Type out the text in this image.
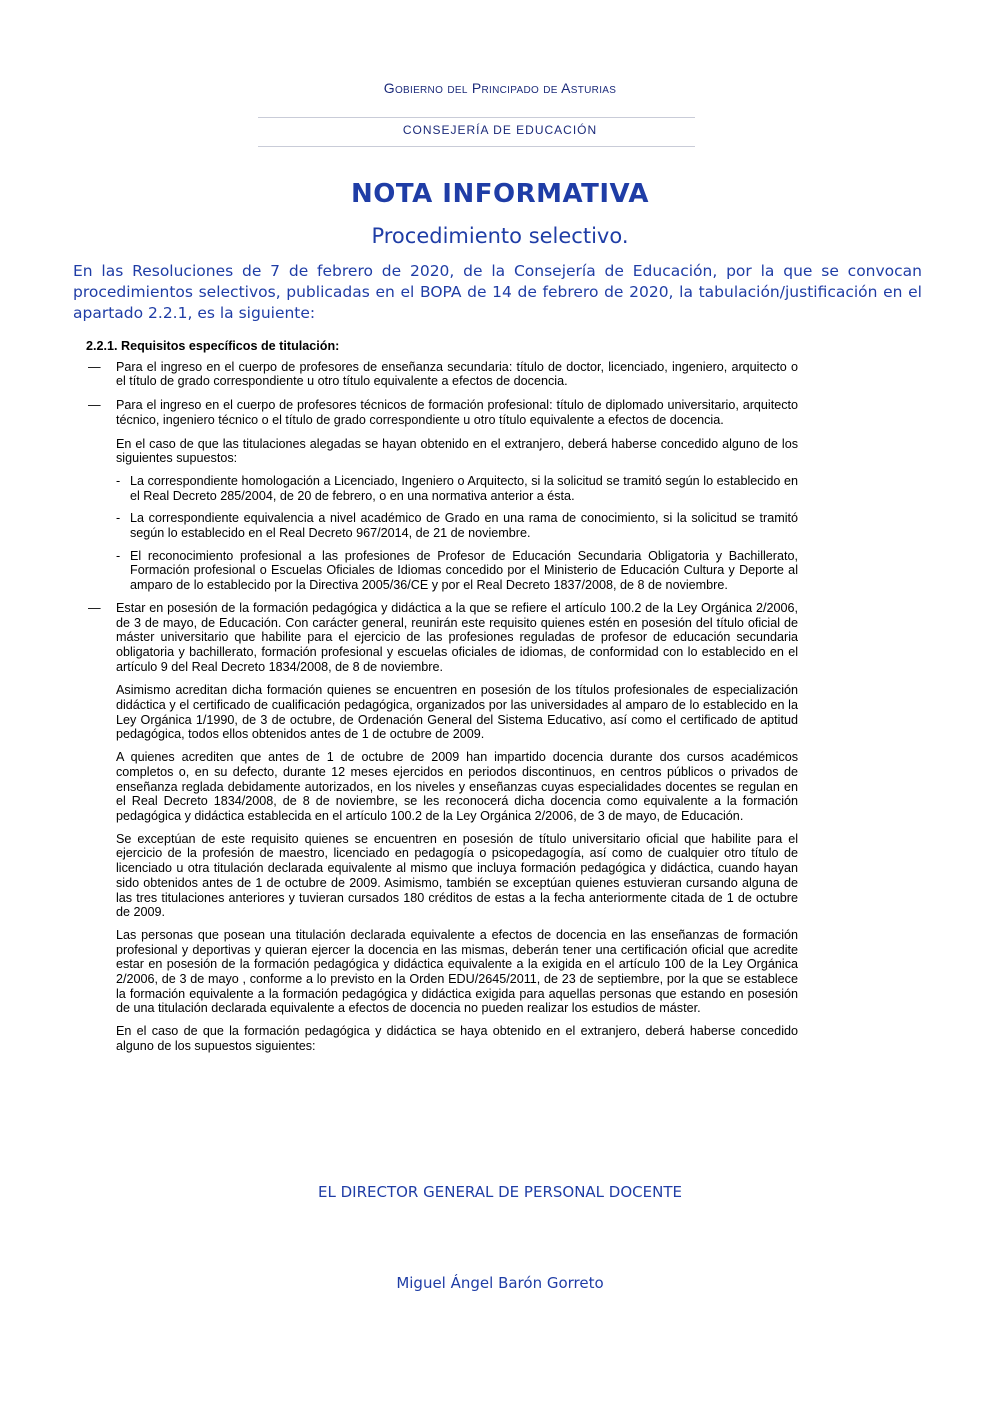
Gobierno del Principado de Asturias
CONSEJERÍA DE EDUCACIÓN
NOTA INFORMATIVA
Procedimiento selectivo.
En las Resoluciones de 7 de febrero de 2020, de la Consejería de Educación, por la que se convocan procedimientos selectivos, publicadas en el BOPA de 14 de febrero de 2020, la tabulación/justificación en el apartado 2.2.1, es la siguiente:
2.2.1. Requisitos específicos de titulación:
— Para el ingreso en el cuerpo de profesores de enseñanza secundaria: título de doctor, licenciado, ingeniero, arquitecto o el título de grado correspondiente u otro título equivalente a efectos de docencia.
— Para el ingreso en el cuerpo de profesores técnicos de formación profesional: título de diplomado universitario, arquitecto técnico, ingeniero técnico o el título de grado correspondiente u otro título equivalente a efectos de docencia.
En el caso de que las titulaciones alegadas se hayan obtenido en el extranjero, deberá haberse concedido alguno de los siguientes supuestos:
- La correspondiente homologación a Licenciado, Ingeniero o Arquitecto, si la solicitud se tramitó según lo establecido en el Real Decreto 285/2004, de 20 de febrero, o en una normativa anterior a ésta.
- La correspondiente equivalencia a nivel académico de Grado en una rama de conocimiento, si la solicitud se tramitó según lo establecido en el Real Decreto 967/2014, de 21 de noviembre.
- El reconocimiento profesional a las profesiones de Profesor de Educación Secundaria Obligatoria y Bachillerato, Formación profesional o Escuelas Oficiales de Idiomas concedido por el Ministerio de Educación Cultura y Deporte al amparo de lo establecido por la Directiva 2005/36/CE y por el Real Decreto 1837/2008, de 8 de noviembre.
— Estar en posesión de la formación pedagógica y didáctica a la que se refiere el artículo 100.2 de la Ley Orgánica 2/2006, de 3 de mayo, de Educación. Con carácter general, reunirán este requisito quienes estén en posesión del título oficial de máster universitario que habilite para el ejercicio de las profesiones reguladas de profesor de educación secundaria obligatoria y bachillerato, formación profesional y escuelas oficiales de idiomas, de conformidad con lo establecido en el artículo 9 del Real Decreto 1834/2008, de 8 de noviembre.
Asimismo acreditan dicha formación quienes se encuentren en posesión de los títulos profesionales de especialización didáctica y el certificado de cualificación pedagógica, organizados por las universidades al amparo de lo establecido en la Ley Orgánica 1/1990, de 3 de octubre, de Ordenación General del Sistema Educativo, así como el certificado de aptitud pedagógica, todos ellos obtenidos antes de 1 de octubre de 2009.
A quienes acrediten que antes de 1 de octubre de 2009 han impartido docencia durante dos cursos académicos completos o, en su defecto, durante 12 meses ejercidos en periodos discontinuos, en centros públicos o privados de enseñanza reglada debidamente autorizados, en los niveles y enseñanzas cuyas especialidades docentes se regulan en el Real Decreto 1834/2008, de 8 de noviembre, se les reconocerá dicha docencia como equivalente a la formación pedagógica y didáctica establecida en el artículo 100.2 de la Ley Orgánica 2/2006, de 3 de mayo, de Educación.
Se exceptúan de este requisito quienes se encuentren en posesión de título universitario oficial que habilite para el ejercicio de la profesión de maestro, licenciado en pedagogía o psicopedagogía, así como de cualquier otro título de licenciado u otra titulación declarada equivalente al mismo que incluya formación pedagógica y didáctica, cuando hayan sido obtenidos antes de 1 de octubre de 2009. Asimismo, también se exceptúan quienes estuvieran cursando alguna de las tres titulaciones anteriores y tuvieran cursados 180 créditos de estas a la fecha anteriormente citada de 1 de octubre de 2009.
Las personas que posean una titulación declarada equivalente a efectos de docencia en las enseñanzas de formación profesional y deportivas y quieran ejercer la docencia en las mismas, deberán tener una certificación oficial que acredite estar en posesión de la formación pedagógica y didáctica equivalente a la exigida en el artículo 100 de la Ley Orgánica 2/2006, de 3 de mayo , conforme a lo previsto en la Orden EDU/2645/2011, de 23 de septiembre, por la que se establece la formación equivalente a la formación pedagógica y didáctica exigida para aquellas personas que estando en posesión de una titulación declarada equivalente a efectos de docencia no pueden realizar los estudios de máster.
En el caso de que la formación pedagógica y didáctica se haya obtenido en el extranjero, deberá haberse concedido alguno de los supuestos siguientes:
EL DIRECTOR GENERAL DE PERSONAL DOCENTE
Miguel Ángel Barón Gorreto
